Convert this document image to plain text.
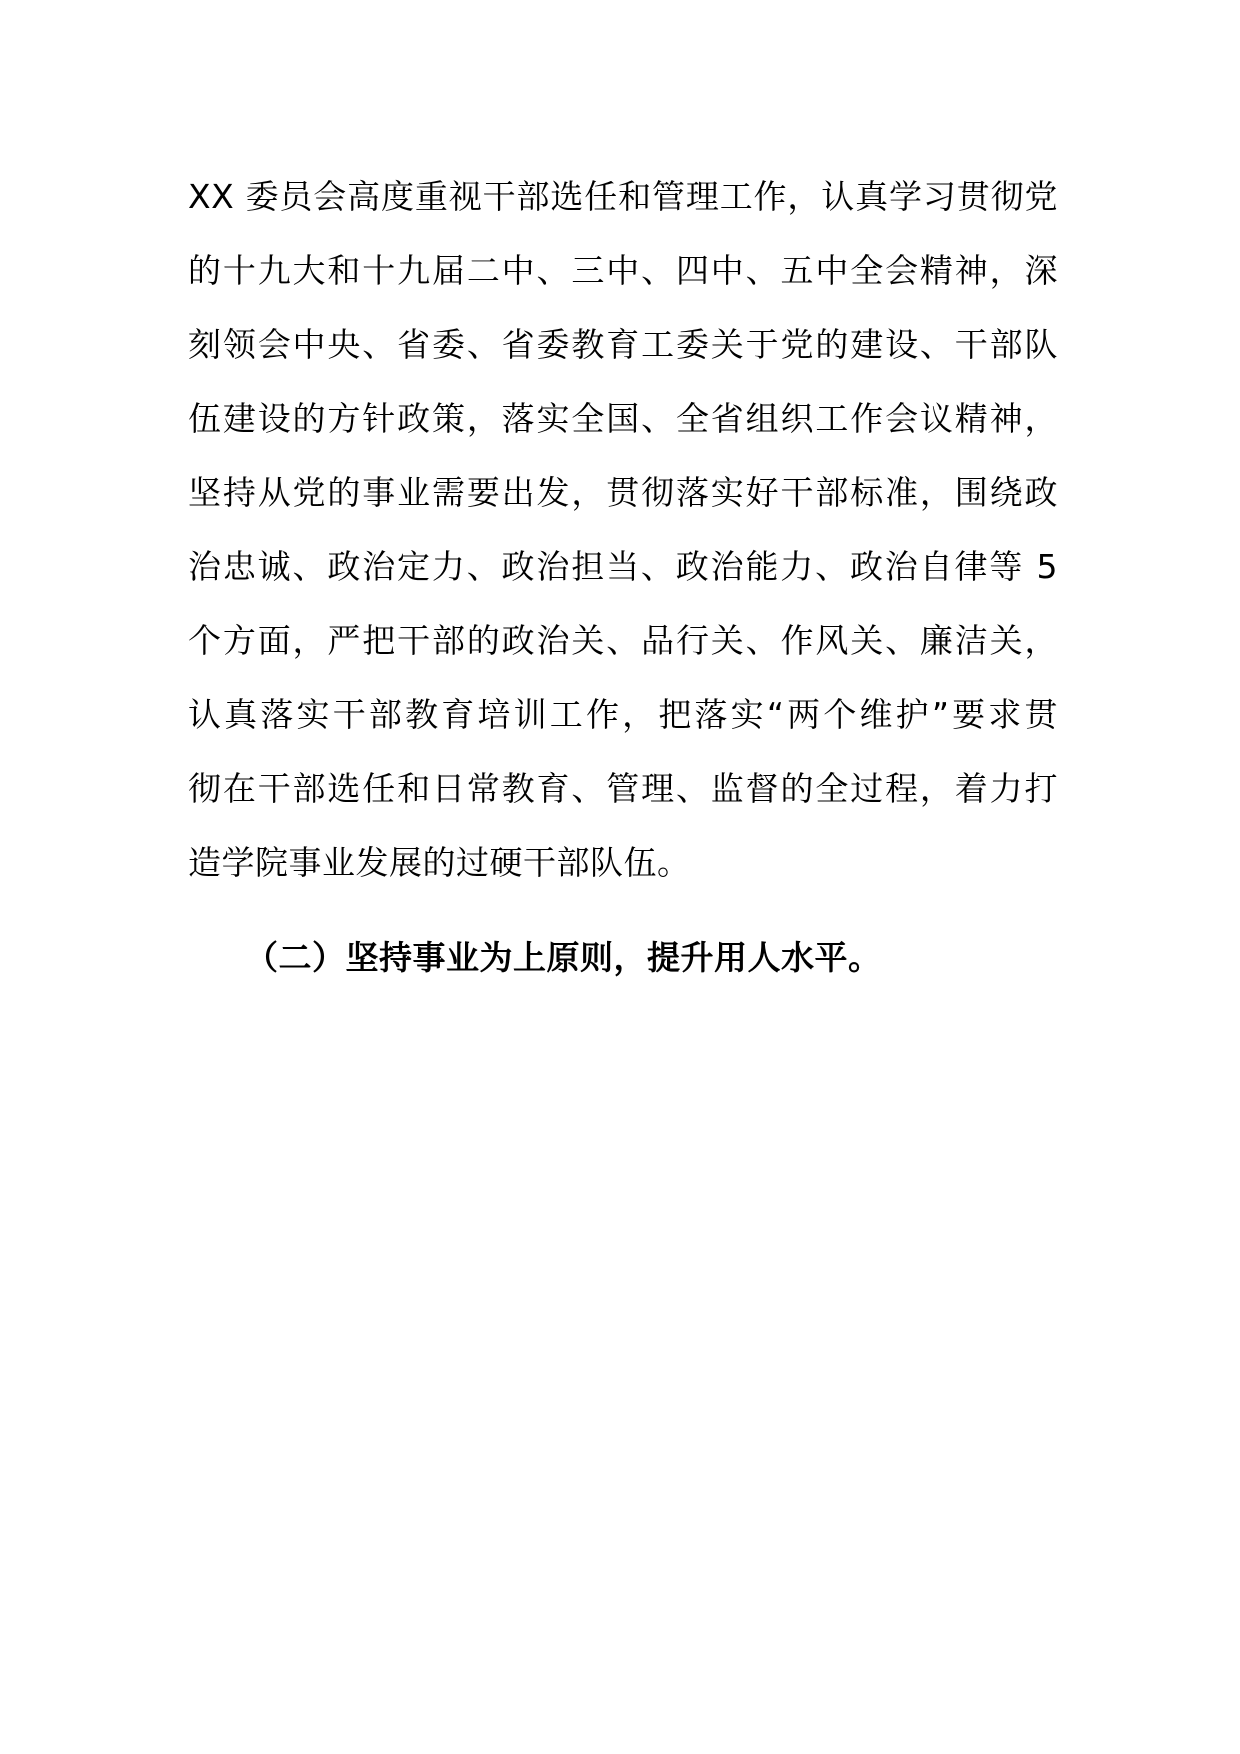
XX 委员会高度重视干部选任和管理工作，认真学习贯彻党
的十九大和十九届二中、三中、四中、五中全会精神，深
刻领会中央、省委、省委教育工委关于党的建设、干部队
伍建设的方针政策，落实全国、全省组织工作会议精神，
坚持从党的事业需要出发，贯彻落实好干部标准，围绕政
治忠诚、政治定力、政治担当、政治能力、政治自律等 5
个方面，严把干部的政治关、品行关、作风关、廉洁关，
认真落实干部教育培训工作，把落实“两个维护”要求贯
彻在干部选任和日常教育、管理、监督的全过程，着力打
造学院事业发展的过硬干部队伍。

（二）坚持事业为上原则，提升用人水平。
